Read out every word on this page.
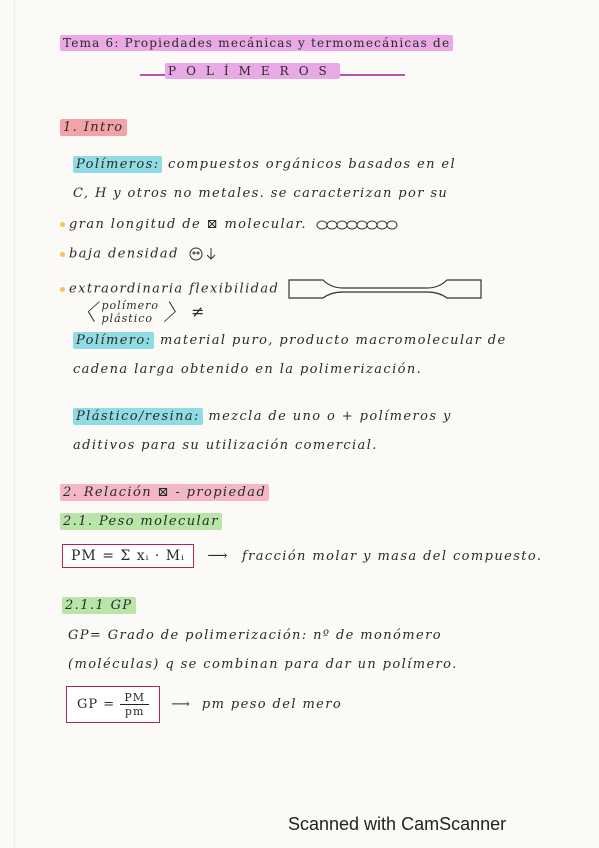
Tema 6: Propiedades mecánicas y termomecánicas de
POLÍMEROS
1. Intro
Polímeros: compuestos orgánicos basados en el
C, H y otros no metales. se caracterizan por su
gran longitud de ⊠ molecular.
baja densidad
extraordinaria flexibilidad
〈 polímero
plástico 〉 ≠
Polímero: material puro, producto macromolecular de
cadena larga obtenido en la polimerización.
Plástico/resina: mezcla de uno o + polímeros y
aditivos para su utilización comercial.
2. Relación ⊠ - propiedad
2.1. Peso molecular
PM = Σ xᵢ · Mᵢ ⟶ fracción molar y masa del compuesto.
2.1.1 GP
GP= Grado de polimerización: nº de monómero
(moléculas) q se combinan para dar un polímero.
GP = $\frac{PM}{pm}$ ⟶ pm peso del mero
Scanned with CamScanner
